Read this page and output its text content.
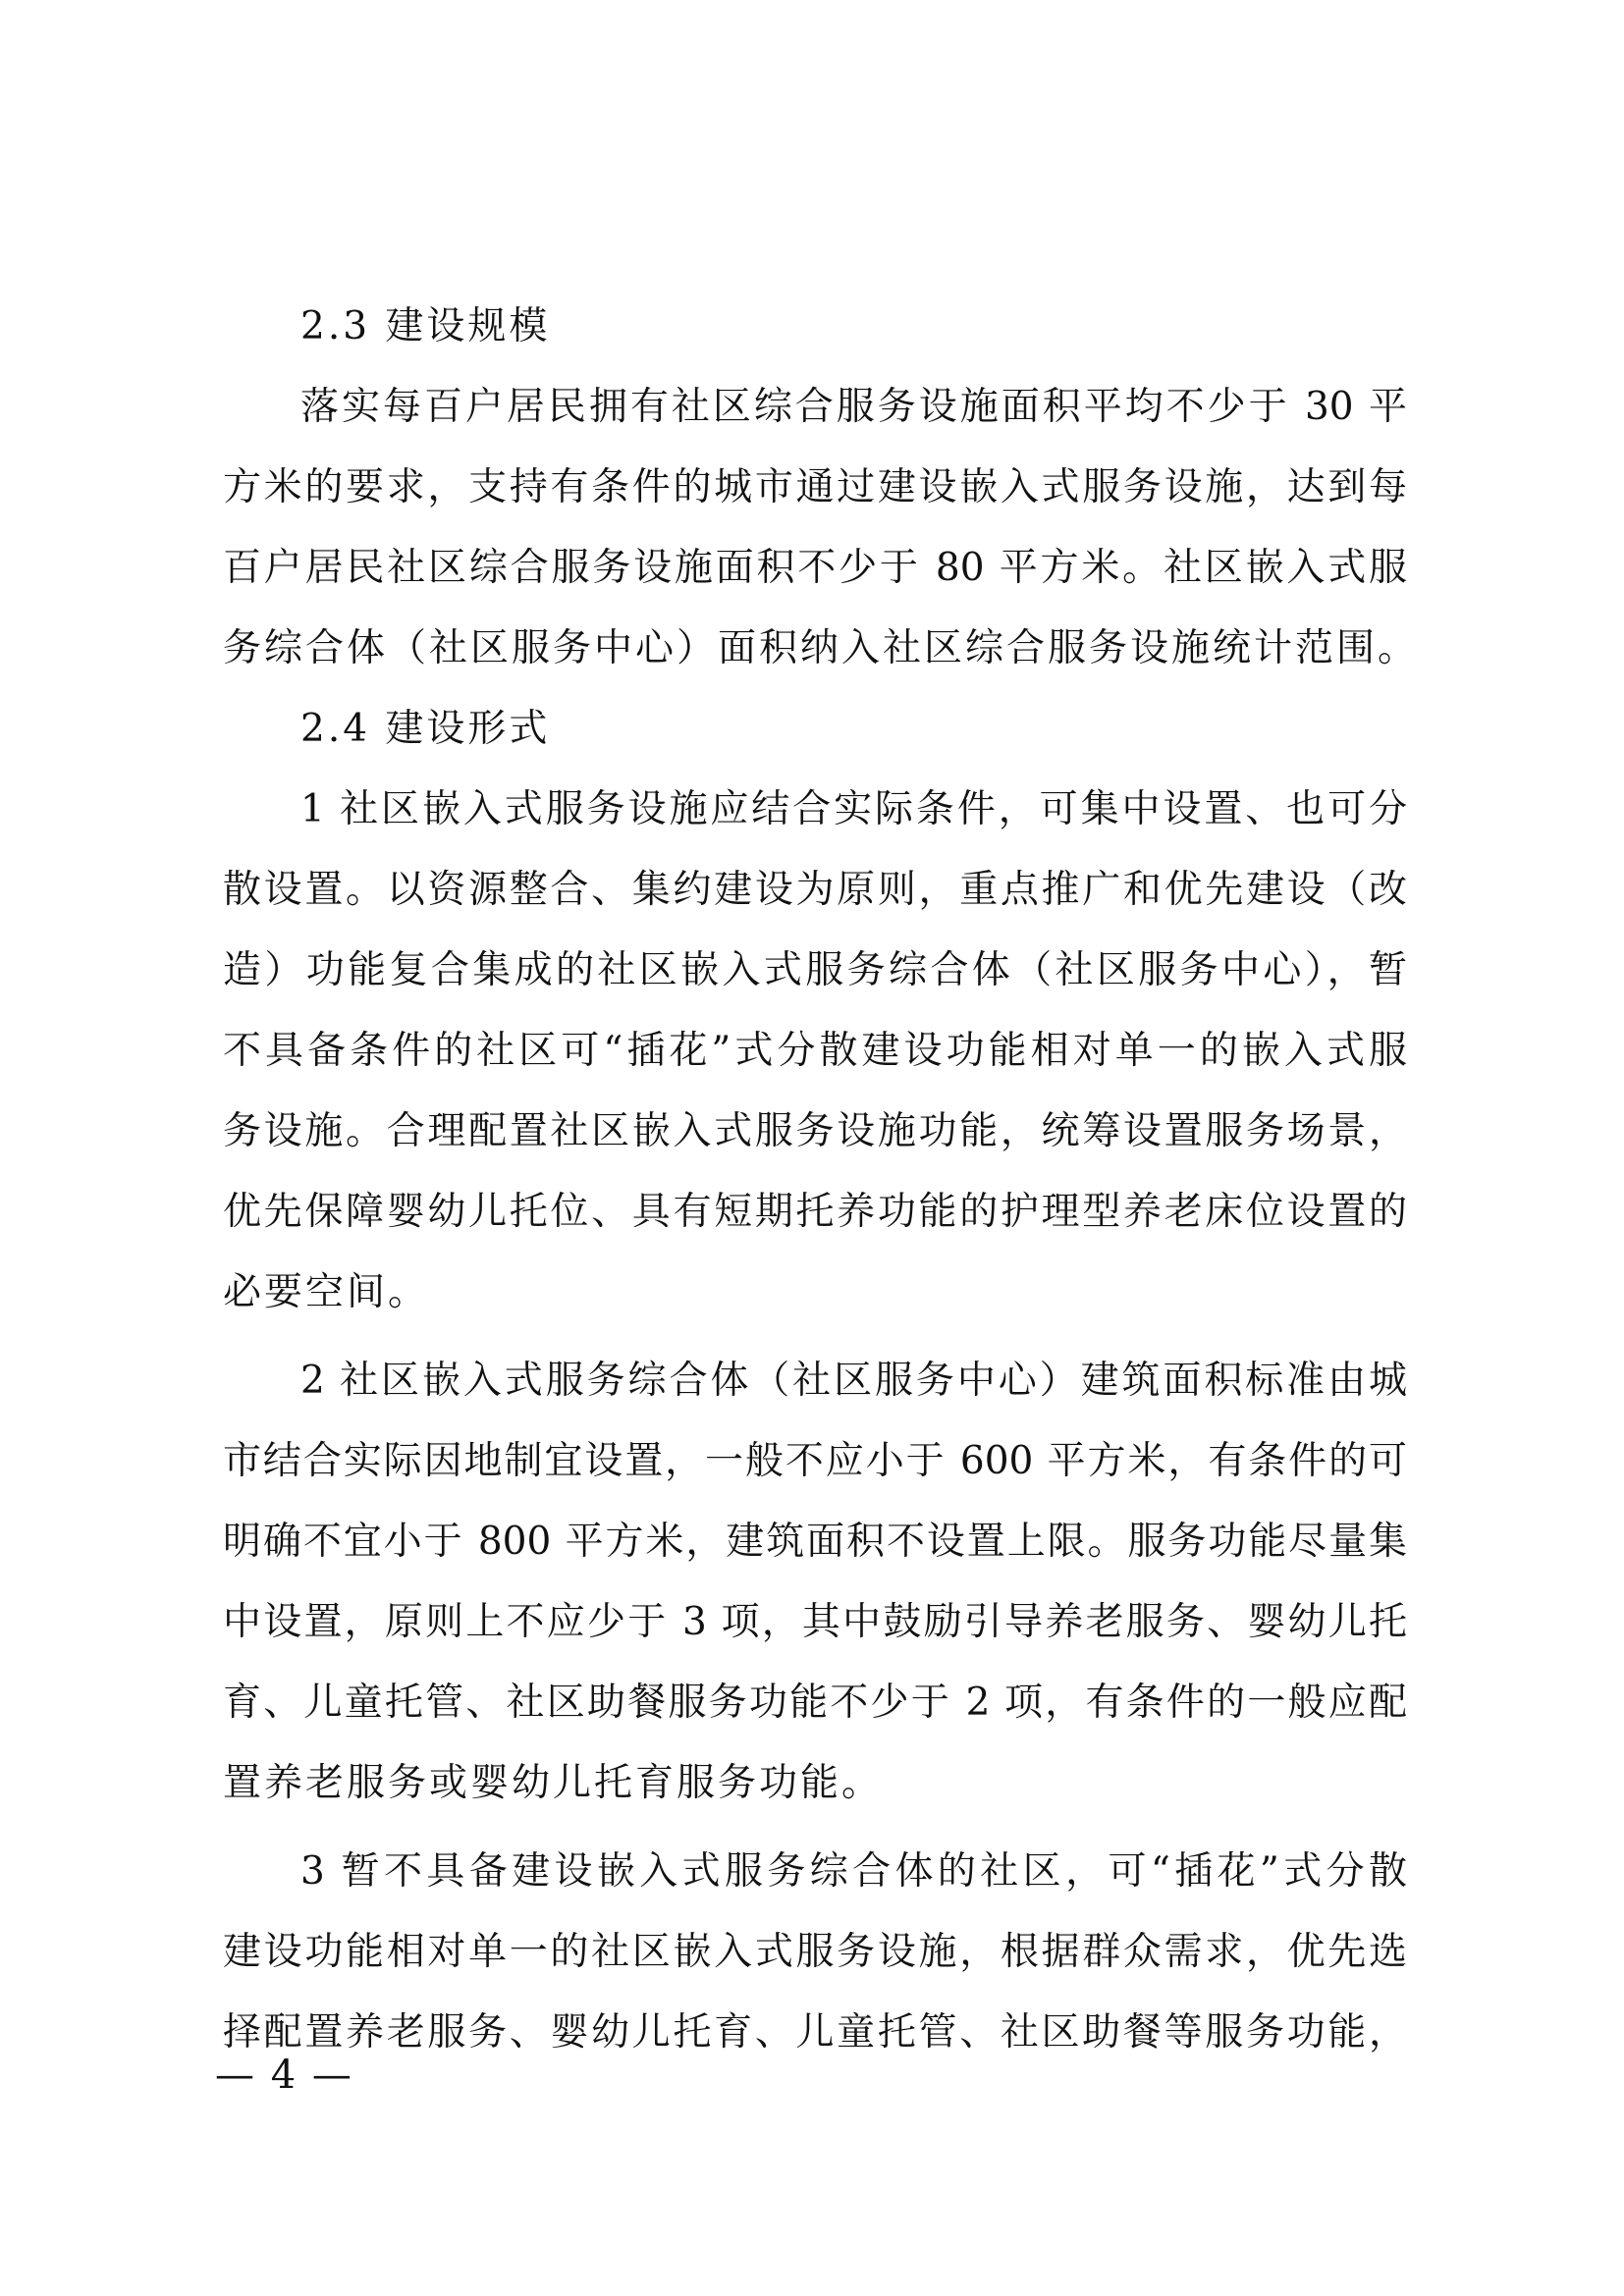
2.3 建设规模
落实每百户居民拥有社区综合服务设施面积平均不少于 30 平
方米的要求，支持有条件的城市通过建设嵌入式服务设施，达到每
百户居民社区综合服务设施面积不少于 80 平方米。社区嵌入式服
务综合体（社区服务中心）面积纳入社区综合服务设施统计范围。
2.4 建设形式
1 社区嵌入式服务设施应结合实际条件，可集中设置、也可分
散设置。以资源整合、集约建设为原则，重点推广和优先建设（改
造）功能复合集成的社区嵌入式服务综合体（社区服务中心），暂
不具备条件的社区可“插花”式分散建设功能相对单一的嵌入式服
务设施。合理配置社区嵌入式服务设施功能，统筹设置服务场景，
优先保障婴幼儿托位、具有短期托养功能的护理型养老床位设置的
必要空间。
2 社区嵌入式服务综合体（社区服务中心）建筑面积标准由城
市结合实际因地制宜设置，一般不应小于 600 平方米，有条件的可
明确不宜小于 800 平方米，建筑面积不设置上限。服务功能尽量集
中设置，原则上不应少于 3 项，其中鼓励引导养老服务、婴幼儿托
育、儿童托管、社区助餐服务功能不少于 2 项，有条件的一般应配
置养老服务或婴幼儿托育服务功能。
3 暂不具备建设嵌入式服务综合体的社区，可“插花”式分散
建设功能相对单一的社区嵌入式服务设施，根据群众需求，优先选
择配置养老服务、婴幼儿托育、儿童托管、社区助餐等服务功能，
— 4 —
